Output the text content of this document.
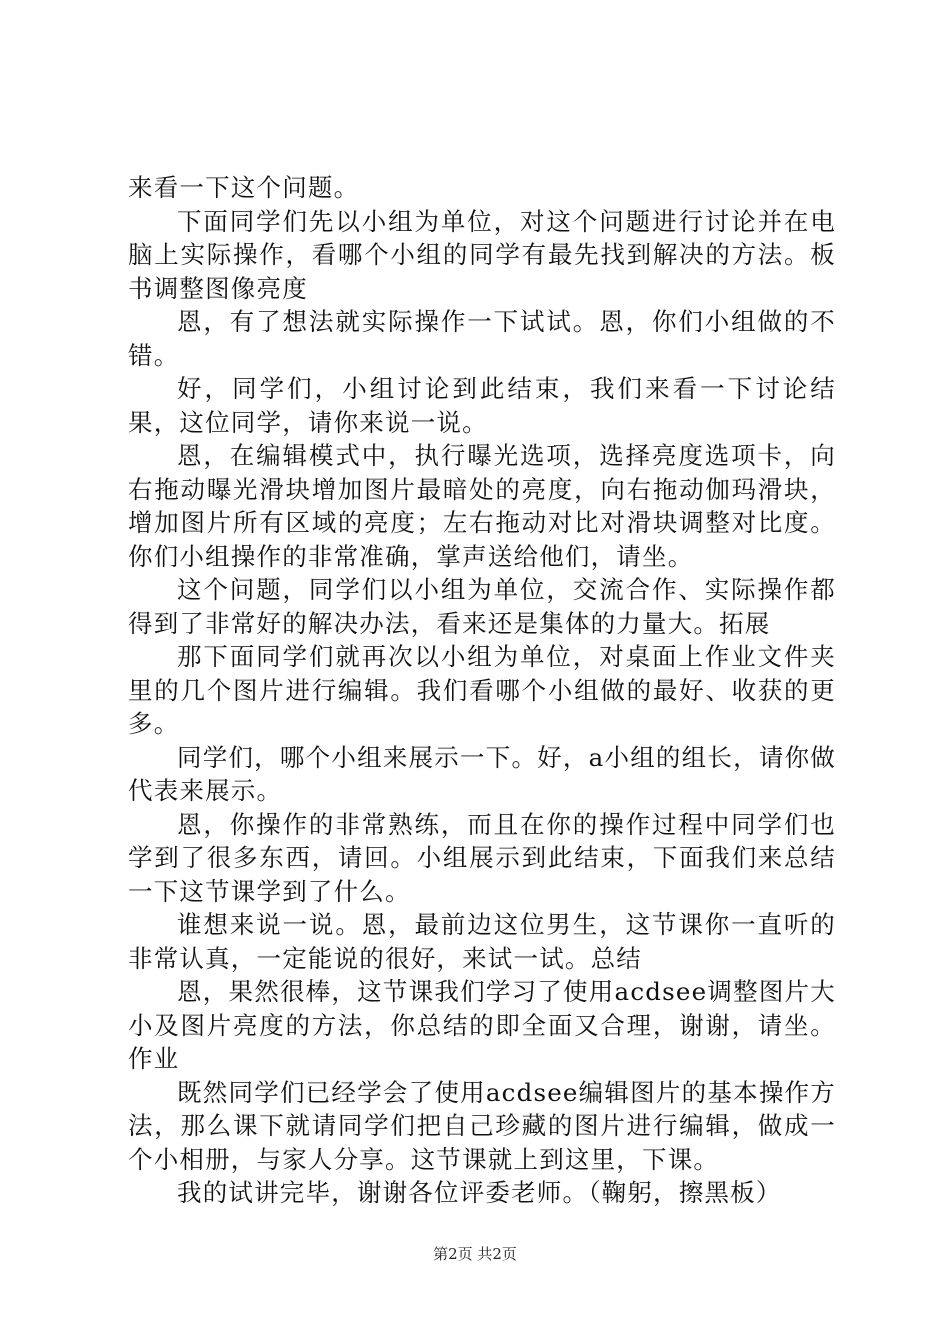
来看一下这个问题。

下面同学们先以小组为单位，对这个问题进行讨论并在电脑上实际操作，看哪个小组的同学有最先找到解决的方法。板书调整图像亮度

恩，有了想法就实际操作一下试试。恩，你们小组做的不错。

好，同学们，小组讨论到此结束，我们来看一下讨论结果，这位同学，请你来说一说。

恩，在编辑模式中，执行曝光选项，选择亮度选项卡，向右拖动曝光滑块增加图片最暗处的亮度，向右拖动伽玛滑块，增加图片所有区域的亮度；左右拖动对比对滑块调整对比度。你们小组操作的非常准确，掌声送给他们，请坐。

这个问题，同学们以小组为单位，交流合作、实际操作都得到了非常好的解决办法，看来还是集体的力量大。拓展

那下面同学们就再次以小组为单位，对桌面上作业文件夹里的几个图片进行编辑。我们看哪个小组做的最好、收获的更多。

同学们，哪个小组来展示一下。好，a小组的组长，请你做代表来展示。

恩，你操作的非常熟练，而且在你的操作过程中同学们也学到了很多东西，请回。小组展示到此结束，下面我们来总结一下这节课学到了什么。

谁想来说一说。恩，最前边这位男生，这节课你一直听的非常认真，一定能说的很好，来试一试。总结

恩，果然很棒，这节课我们学习了使用acdsee调整图片大小及图片亮度的方法，你总结的即全面又合理，谢谢，请坐。作业

既然同学们已经学会了使用acdsee编辑图片的基本操作方法，那么课下就请同学们把自己珍藏的图片进行编辑，做成一个小相册，与家人分享。这节课就上到这里，下课。

我的试讲完毕，谢谢各位评委老师。（鞠躬，擦黑板）

第2页 共2页
